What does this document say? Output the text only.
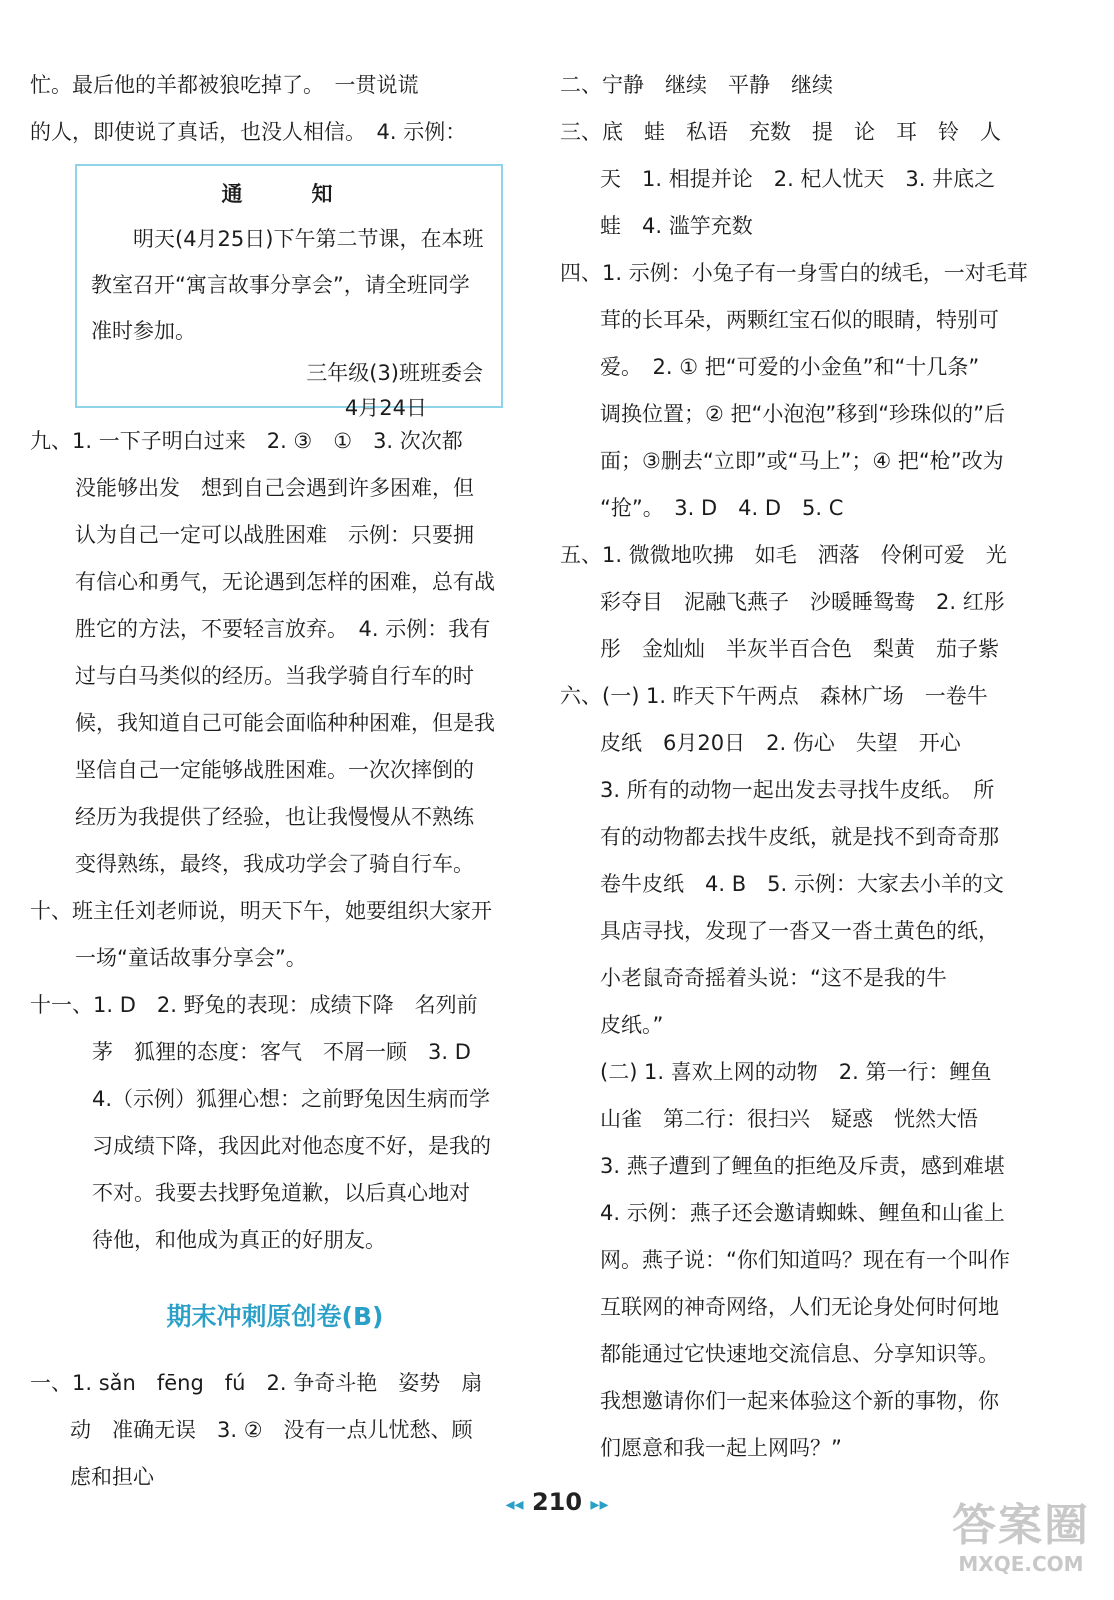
忙。最后他的羊都被狼吃掉了。　一贯说谎
的人，即使说了真话，也没人相信。　4. 示例：
通　知
明天(4月25日)下午第二节课，在本班教室召开“寓言故事分享会”，请全班同学准时参加。
三年级(3)班班委会
4月24日
九、1. 一下子明白过来　2. ③　①　3. 次次都
没能够出发　想到自己会遇到许多困难，但
认为自己一定可以战胜困难　示例：只要拥
有信心和勇气，无论遇到怎样的困难，总有战
胜它的方法，不要轻言放弃。　4. 示例：我有
过与白马类似的经历。当我学骑自行车的时
候，我知道自己可能会面临种种困难，但是我
坚信自己一定能够战胜困难。一次次摔倒的
经历为我提供了经验，也让我慢慢从不熟练
变得熟练，最终，我成功学会了骑自行车。
十、班主任刘老师说，明天下午，她要组织大家开
一场“童话故事分享会”。
十一、1. D　2. 野兔的表现：成绩下降　名列前
茅　狐狸的态度：客气　不屑一顾　3. D
4.（示例）狐狸心想：之前野兔因生病而学
习成绩下降，我因此对他态度不好，是我的
不对。我要去找野兔道歉，以后真心地对
待他，和他成为真正的好朋友。
期末冲刺原创卷(B)
一、1. sǎn　fēng　fú　2. 争奇斗艳　姿势　扇
动　准确无误　3. ②　没有一点儿忧愁、顾
虑和担心
二、宁静　继续　平静　继续
三、底　蛙　私语　充数　提　论　耳　铃　人
天　1. 相提并论　2. 杞人忧天　3. 井底之
蛙　4. 滥竽充数
四、1. 示例：小兔子有一身雪白的绒毛，一对毛茸
茸的长耳朵，两颗红宝石似的眼睛，特别可
爱。　2. ① 把“可爱的小金鱼”和“十几条”
调换位置；② 把“小泡泡”移到“珍珠似的”后
面；③删去“立即”或“马上”；④ 把“枪”改为
“抢”。　3. D　4. D　5. C
五、1. 微微地吹拂　如毛　洒落　伶俐可爱　光
彩夺目　泥融飞燕子　沙暖睡鸳鸯　2. 红彤
彤　金灿灿　半灰半百合色　梨黄　茄子紫
六、(一) 1. 昨天下午两点　森林广场　一卷牛
皮纸　6月20日　2. 伤心　失望　开心
3. 所有的动物一起出发去寻找牛皮纸。　所
有的动物都去找牛皮纸，就是找不到奇奇那
卷牛皮纸　4. B　5. 示例：大家去小羊的文
具店寻找，发现了一沓又一沓土黄色的纸，
小老鼠奇奇摇着头说：“这不是我的牛
皮纸。”
(二) 1. 喜欢上网的动物　2. 第一行：鲤鱼
山雀　第二行：很扫兴　疑惑　恍然大悟
3. 燕子遭到了鲤鱼的拒绝及斥责，感到难堪
4. 示例：燕子还会邀请蜘蛛、鲤鱼和山雀上
网。燕子说：“你们知道吗？现在有一个叫作
互联网的神奇网络，人们无论身处何时何地
都能通过它快速地交流信息、分享知识等。
我想邀请你们一起来体验这个新的事物，你
们愿意和我一起上网吗？”
◂◂ 210 ▸▸	答案圈
MXQE.COM
